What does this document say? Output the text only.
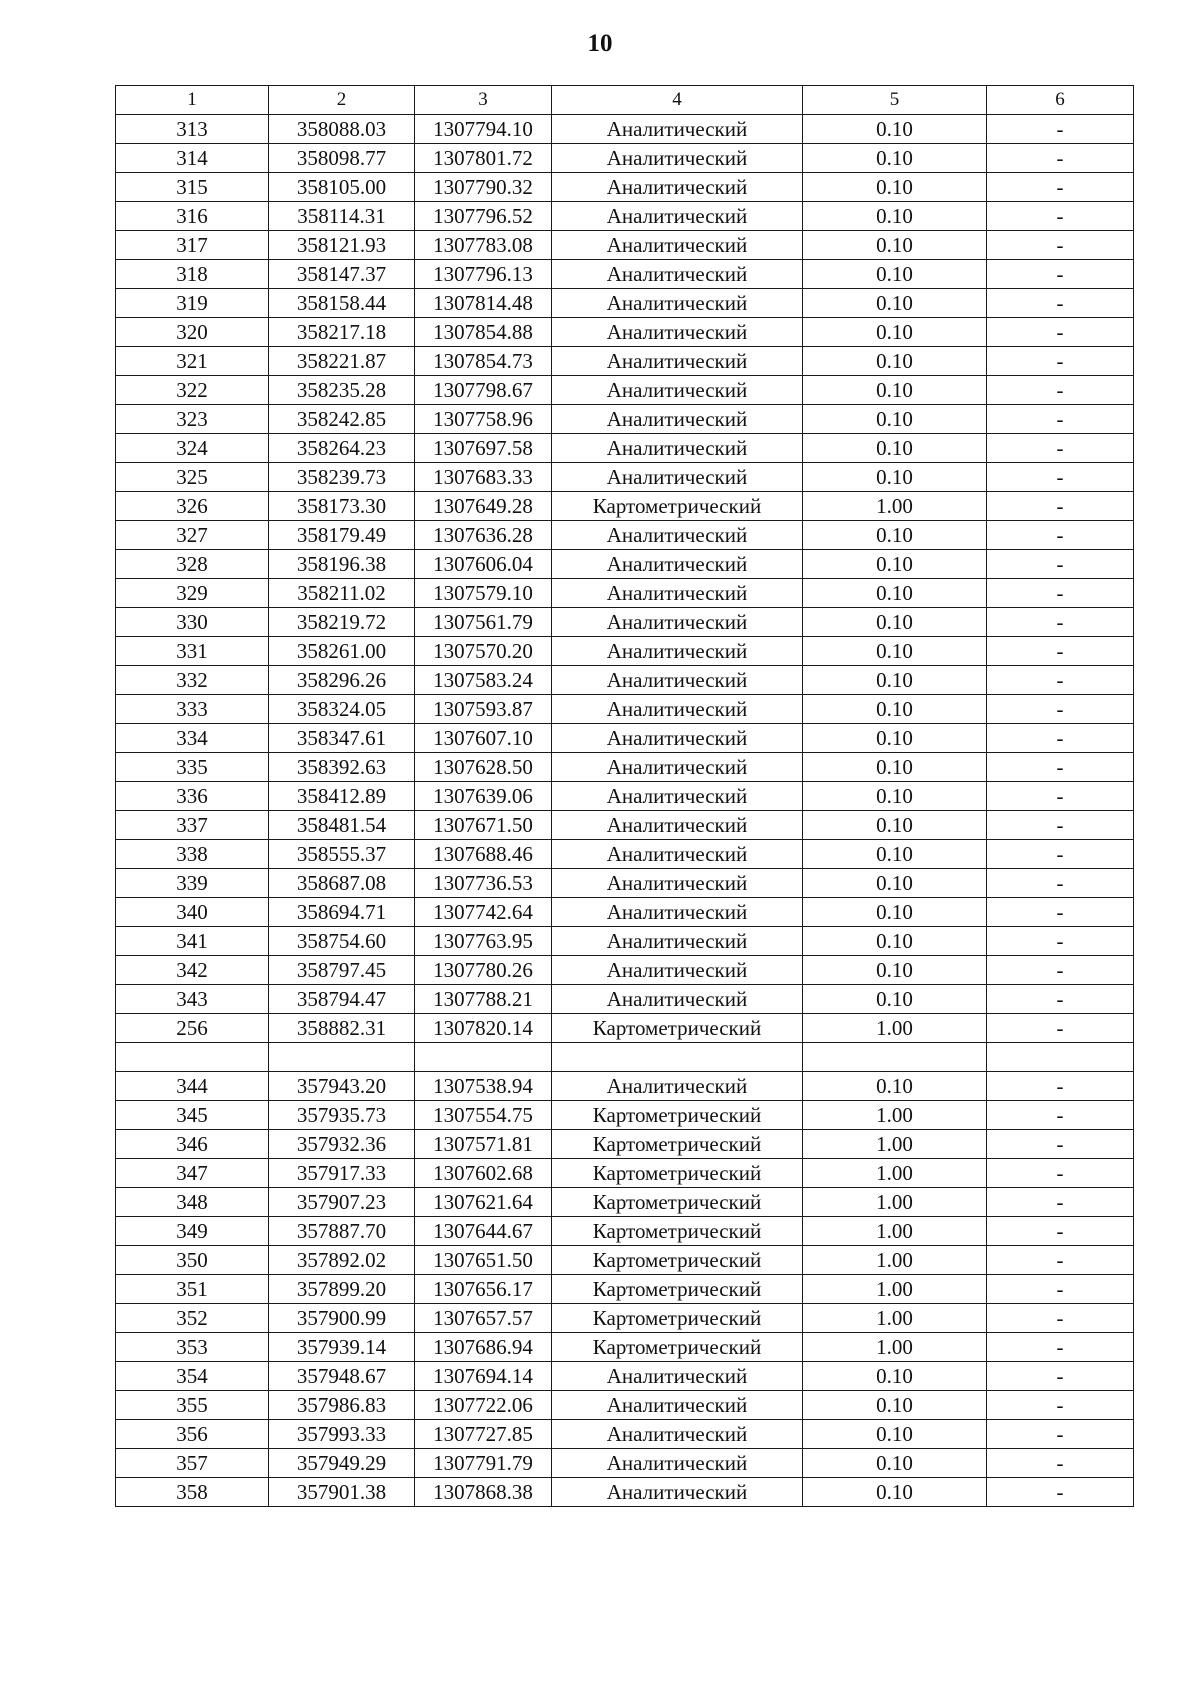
10
1	2	3	4	5	6
313	358088.03	1307794.10	Аналитический	0.10	-
314	358098.77	1307801.72	Аналитический	0.10	-
315	358105.00	1307790.32	Аналитический	0.10	-
316	358114.31	1307796.52	Аналитический	0.10	-
317	358121.93	1307783.08	Аналитический	0.10	-
318	358147.37	1307796.13	Аналитический	0.10	-
319	358158.44	1307814.48	Аналитический	0.10	-
320	358217.18	1307854.88	Аналитический	0.10	-
321	358221.87	1307854.73	Аналитический	0.10	-
322	358235.28	1307798.67	Аналитический	0.10	-
323	358242.85	1307758.96	Аналитический	0.10	-
324	358264.23	1307697.58	Аналитический	0.10	-
325	358239.73	1307683.33	Аналитический	0.10	-
326	358173.30	1307649.28	Картометрический	1.00	-
327	358179.49	1307636.28	Аналитический	0.10	-
328	358196.38	1307606.04	Аналитический	0.10	-
329	358211.02	1307579.10	Аналитический	0.10	-
330	358219.72	1307561.79	Аналитический	0.10	-
331	358261.00	1307570.20	Аналитический	0.10	-
332	358296.26	1307583.24	Аналитический	0.10	-
333	358324.05	1307593.87	Аналитический	0.10	-
334	358347.61	1307607.10	Аналитический	0.10	-
335	358392.63	1307628.50	Аналитический	0.10	-
336	358412.89	1307639.06	Аналитический	0.10	-
337	358481.54	1307671.50	Аналитический	0.10	-
338	358555.37	1307688.46	Аналитический	0.10	-
339	358687.08	1307736.53	Аналитический	0.10	-
340	358694.71	1307742.64	Аналитический	0.10	-
341	358754.60	1307763.95	Аналитический	0.10	-
342	358797.45	1307780.26	Аналитический	0.10	-
343	358794.47	1307788.21	Аналитический	0.10	-
256	358882.31	1307820.14	Картометрический	1.00	-

344	357943.20	1307538.94	Аналитический	0.10	-
345	357935.73	1307554.75	Картометрический	1.00	-
346	357932.36	1307571.81	Картометрический	1.00	-
347	357917.33	1307602.68	Картометрический	1.00	-
348	357907.23	1307621.64	Картометрический	1.00	-
349	357887.70	1307644.67	Картометрический	1.00	-
350	357892.02	1307651.50	Картометрический	1.00	-
351	357899.20	1307656.17	Картометрический	1.00	-
352	357900.99	1307657.57	Картометрический	1.00	-
353	357939.14	1307686.94	Картометрический	1.00	-
354	357948.67	1307694.14	Аналитический	0.10	-
355	357986.83	1307722.06	Аналитический	0.10	-
356	357993.33	1307727.85	Аналитический	0.10	-
357	357949.29	1307791.79	Аналитический	0.10	-
358	357901.38	1307868.38	Аналитический	0.10	-
